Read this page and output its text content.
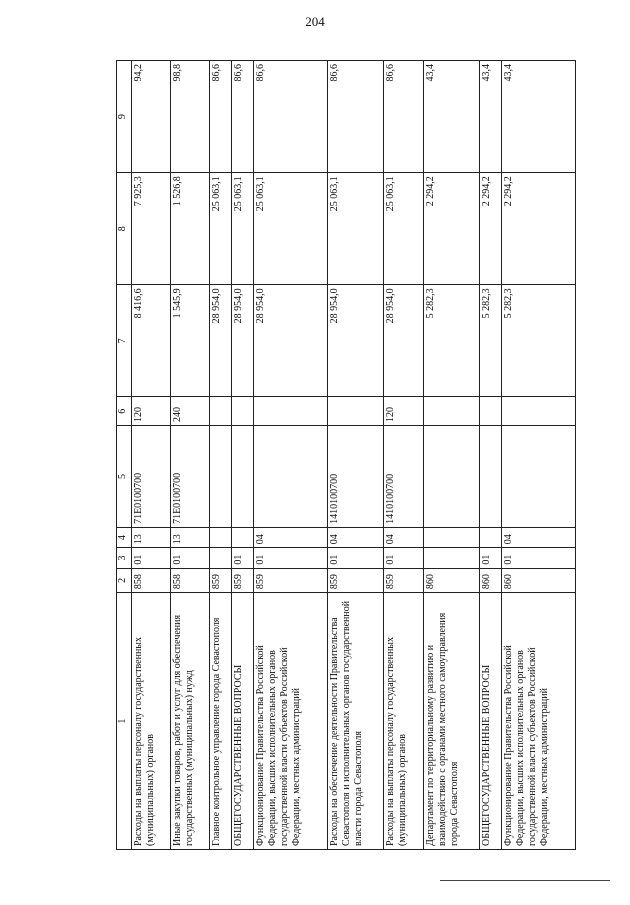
204
1	2	3	4	5	6	7	8	9
Расходы на выплаты персоналу государственных (муниципальных) органов	858	01	13	71Е0100700	120	8 416,6	7 925,3	94,2
Иные закупки товаров, работ и услуг для обеспечения государственных (муниципальных) нужд	858	01	13	71Е0100700	240	1 545,9	1 526,8	98,8
Главное контрольное управление города Севастополя	859					28 954,0	25 063,1	86,6
ОБЩЕГОСУДАРСТВЕННЫЕ ВОПРОСЫ	859	01				28 954,0	25 063,1	86,6
Функционирование Правительства Российской Федерации, высших исполнительных органов государственной власти субъектов Российской Федерации, местных администраций	859	01	04			28 954,0	25 063,1	86,6
Расходы на обеспечение деятельности Правительства Севастополя и исполнительных органов государственной власти города Севастополя	859	01	04	1410100700		28 954,0	25 063,1	86,6
Расходы на выплаты персоналу государственных (муниципальных) органов	859	01	04	1410100700	120	28 954,0	25 063,1	86,6
Департамент по территориальному развитию и взаимодействию с органами местного самоуправления города Севастополя	860					5 282,3	2 294,2	43,4
ОБЩЕГОСУДАРСТВЕННЫЕ ВОПРОСЫ	860	01				5 282,3	2 294,2	43,4
Функционирование Правительства Российской Федерации, высших исполнительных органов государственной власти субъектов Российской Федерации, местных администраций	860	01	04			5 282,3	2 294,2	43,4
